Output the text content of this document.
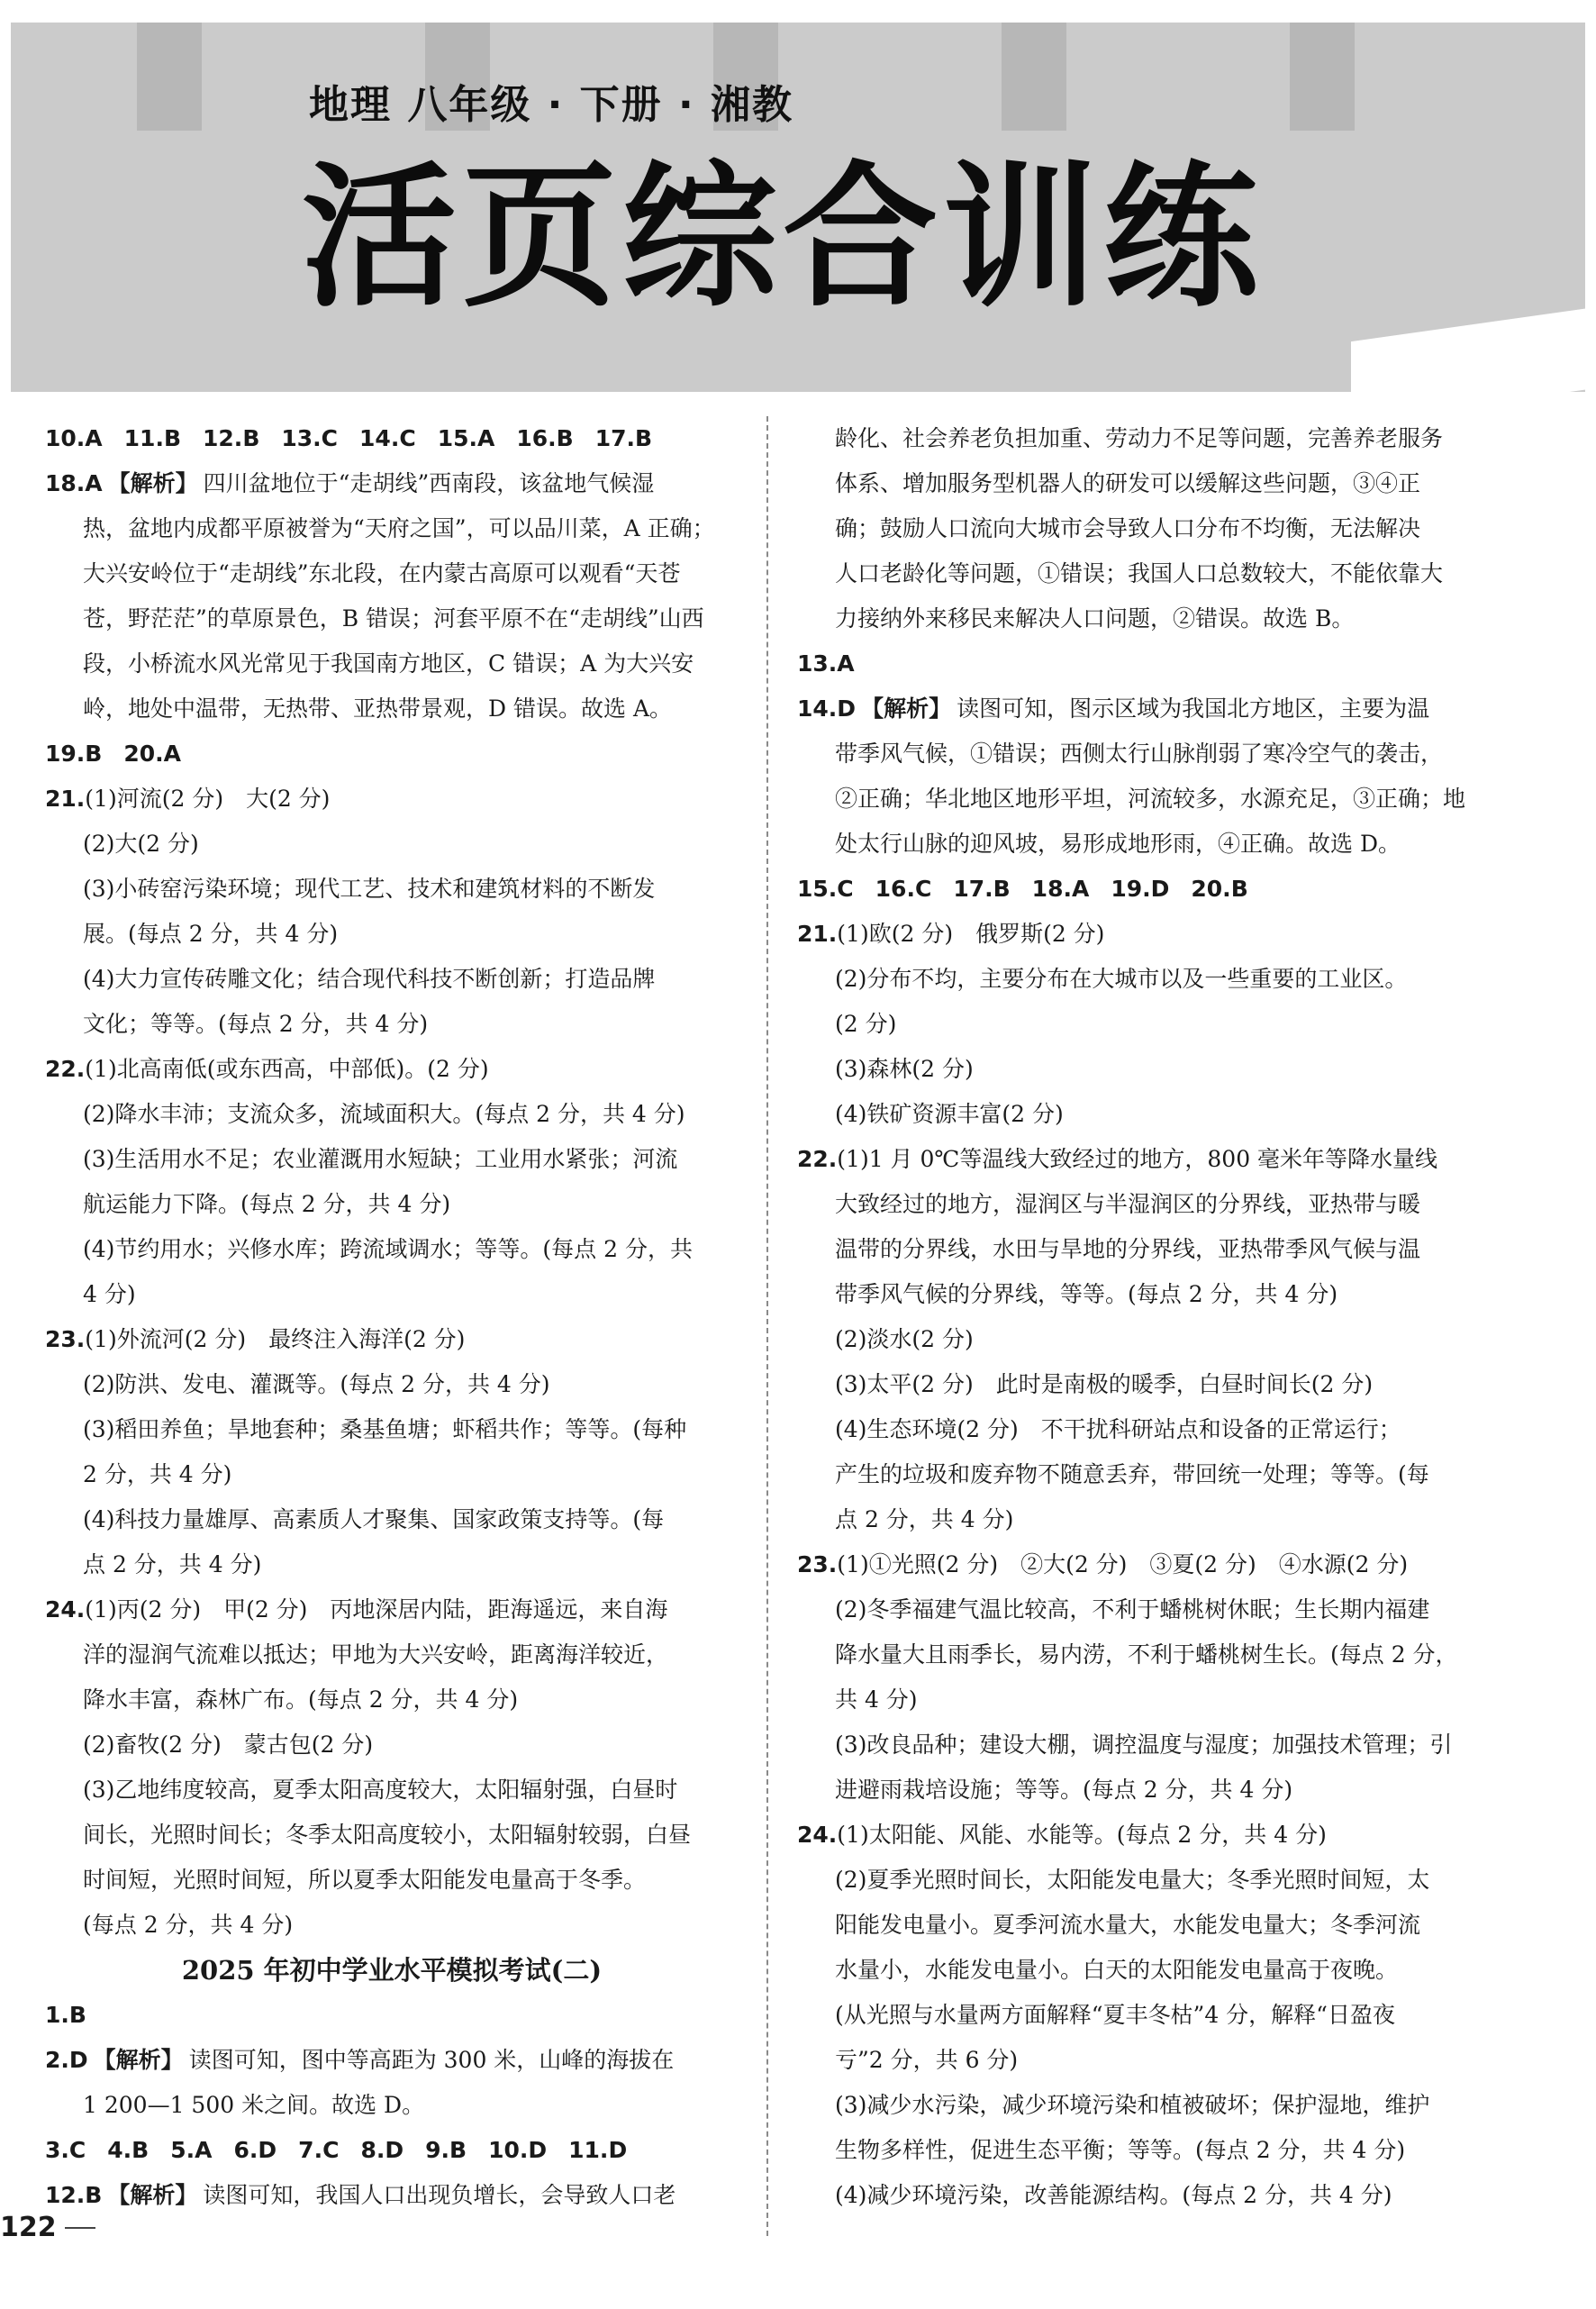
地理 八年级 · 下册 · 湘教
活页综合训练
10.A 11.B 12.B 13.C 14.C 15.A 16.B 17.B
18.A 【解析】 四川盆地位于“走胡线”西南段，该盆地气候湿
热，盆地内成都平原被誉为“天府之国”，可以品川菜，A 正确；
大兴安岭位于“走胡线”东北段，在内蒙古高原可以观看“天苍
苍，野茫茫”的草原景色，B 错误；河套平原不在“走胡线”山西
段，小桥流水风光常见于我国南方地区，C 错误；A 为大兴安
岭，地处中温带，无热带、亚热带景观，D 错误。故选 A。
19.B 20.A
21.(1)河流(2 分)　大(2 分)
(2)大(2 分)
(3)小砖窑污染环境；现代工艺、技术和建筑材料的不断发
展。(每点 2 分，共 4 分)
(4)大力宣传砖雕文化；结合现代科技不断创新；打造品牌
文化；等等。(每点 2 分，共 4 分)
22.(1)北高南低(或东西高，中部低)。(2 分)
(2)降水丰沛；支流众多，流域面积大。(每点 2 分，共 4 分)
(3)生活用水不足；农业灌溉用水短缺；工业用水紧张；河流
航运能力下降。(每点 2 分，共 4 分)
(4)节约用水；兴修水库；跨流域调水；等等。(每点 2 分，共
4 分)
23.(1)外流河(2 分)　最终注入海洋(2 分)
(2)防洪、发电、灌溉等。(每点 2 分，共 4 分)
(3)稻田养鱼；旱地套种；桑基鱼塘；虾稻共作；等等。(每种
2 分，共 4 分)
(4)科技力量雄厚、高素质人才聚集、国家政策支持等。(每
点 2 分，共 4 分)
24.(1)丙(2 分)　甲(2 分)　丙地深居内陆，距海遥远，来自海
洋的湿润气流难以抵达；甲地为大兴安岭，距离海洋较近，
降水丰富，森林广布。(每点 2 分，共 4 分)
(2)畜牧(2 分)　蒙古包(2 分)
(3)乙地纬度较高，夏季太阳高度较大，太阳辐射强，白昼时
间长，光照时间长；冬季太阳高度较小，太阳辐射较弱，白昼
时间短，光照时间短，所以夏季太阳能发电量高于冬季。
(每点 2 分，共 4 分)
2025 年初中学业水平模拟考试(二)
1.B
2.D 【解析】 读图可知，图中等高距为 300 米，山峰的海拔在
1 200—1 500 米之间。故选 D。
3.C 4.B 5.A 6.D 7.C 8.D 9.B 10.D 11.D
12.B 【解析】 读图可知，我国人口出现负增长，会导致人口老
龄化、社会养老负担加重、劳动力不足等问题，完善养老服务
体系、增加服务型机器人的研发可以缓解这些问题，③④正
确；鼓励人口流向大城市会导致人口分布不均衡，无法解决
人口老龄化等问题，①错误；我国人口总数较大，不能依靠大
力接纳外来移民来解决人口问题，②错误。故选 B。
13.A
14.D 【解析】 读图可知，图示区域为我国北方地区，主要为温
带季风气候，①错误；西侧太行山脉削弱了寒冷空气的袭击，
②正确；华北地区地形平坦，河流较多，水源充足，③正确；地
处太行山脉的迎风坡，易形成地形雨，④正确。故选 D。
15.C 16.C 17.B 18.A 19.D 20.B
21.(1)欧(2 分)　俄罗斯(2 分)
(2)分布不均，主要分布在大城市以及一些重要的工业区。
(2 分)
(3)森林(2 分)
(4)铁矿资源丰富(2 分)
22.(1)1 月 0℃等温线大致经过的地方，800 毫米年等降水量线
大致经过的地方，湿润区与半湿润区的分界线，亚热带与暖
温带的分界线，水田与旱地的分界线，亚热带季风气候与温
带季风气候的分界线，等等。(每点 2 分，共 4 分)
(2)淡水(2 分)
(3)太平(2 分)　此时是南极的暖季，白昼时间长(2 分)
(4)生态环境(2 分)　不干扰科研站点和设备的正常运行；
产生的垃圾和废弃物不随意丢弃，带回统一处理；等等。(每
点 2 分，共 4 分)
23.(1)①光照(2 分)　②大(2 分)　③夏(2 分)　④水源(2 分)
(2)冬季福建气温比较高，不利于蟠桃树休眠；生长期内福建
降水量大且雨季长，易内涝，不利于蟠桃树生长。(每点 2 分，
共 4 分)
(3)改良品种；建设大棚，调控温度与湿度；加强技术管理；引
进避雨栽培设施；等等。(每点 2 分，共 4 分)
24.(1)太阳能、风能、水能等。(每点 2 分，共 4 分)
(2)夏季光照时间长，太阳能发电量大；冬季光照时间短，太
阳能发电量小。夏季河流水量大，水能发电量大；冬季河流
水量小，水能发电量小。白天的太阳能发电量高于夜晚。
(从光照与水量两方面解释“夏丰冬枯”4 分，解释“日盈夜
亏”2 分，共 6 分)
(3)减少水污染，减少环境污染和植被破坏；保护湿地，维护
生物多样性，促进生态平衡；等等。(每点 2 分，共 4 分)
(4)减少环境污染，改善能源结构。(每点 2 分，共 4 分)
122
